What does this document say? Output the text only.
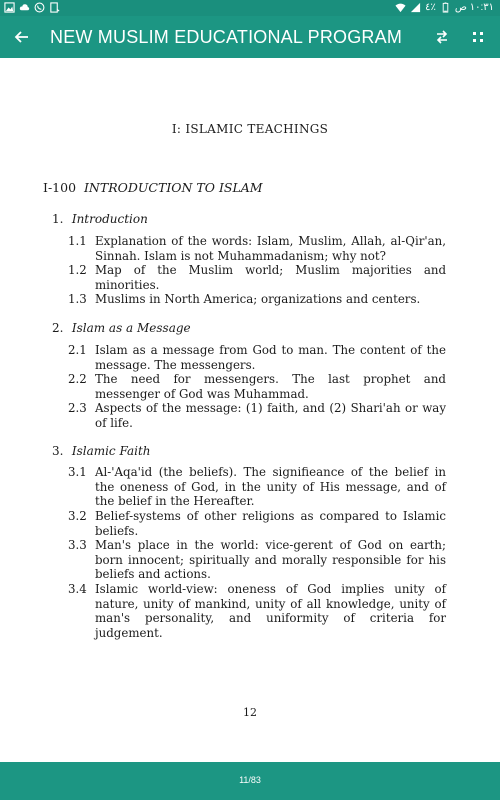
٤٪ ١٠:٣١ ص
NEW MUSLIM EDUCATIONAL PROGRAM
I: ISLAMIC TEACHINGS
I-100 INTRODUCTION TO ISLAM
1. Introduction
1.1 Explanation of the words: Islam, Muslim, Allah, al-Qir'an, Sinnah. Islam is not Muhammadanism; why not?
1.2 Map of the Muslim world; Muslim majorities and minorities.
1.3 Muslims in North America; organizations and centers.
2. Islam as a Message
2.1 Islam as a message from God to man. The content of the message. The messengers.
2.2 The need for messengers. The last prophet and messenger of God was Muhammad.
2.3 Aspects of the message: (1) faith, and (2) Shari'ah or way of life.
3. Islamic Faith
3.1 Al-'Aqa'id (the beliefs). The signifieance of the belief in the oneness of God, in the unity of His message, and of the belief in the Hereafter.
3.2 Belief-systems of other religions as compared to Islamic beliefs.
3.3 Man's place in the world: vice-gerent of God on earth; born innocent; spiritually and morally responsible for his beliefs and actions.
3.4 Islamic world-view: oneness of God implies unity of nature, unity of mankind, unity of all knowledge, unity of man's personality, and uniformity of criteria for judgement.
12
11/83
